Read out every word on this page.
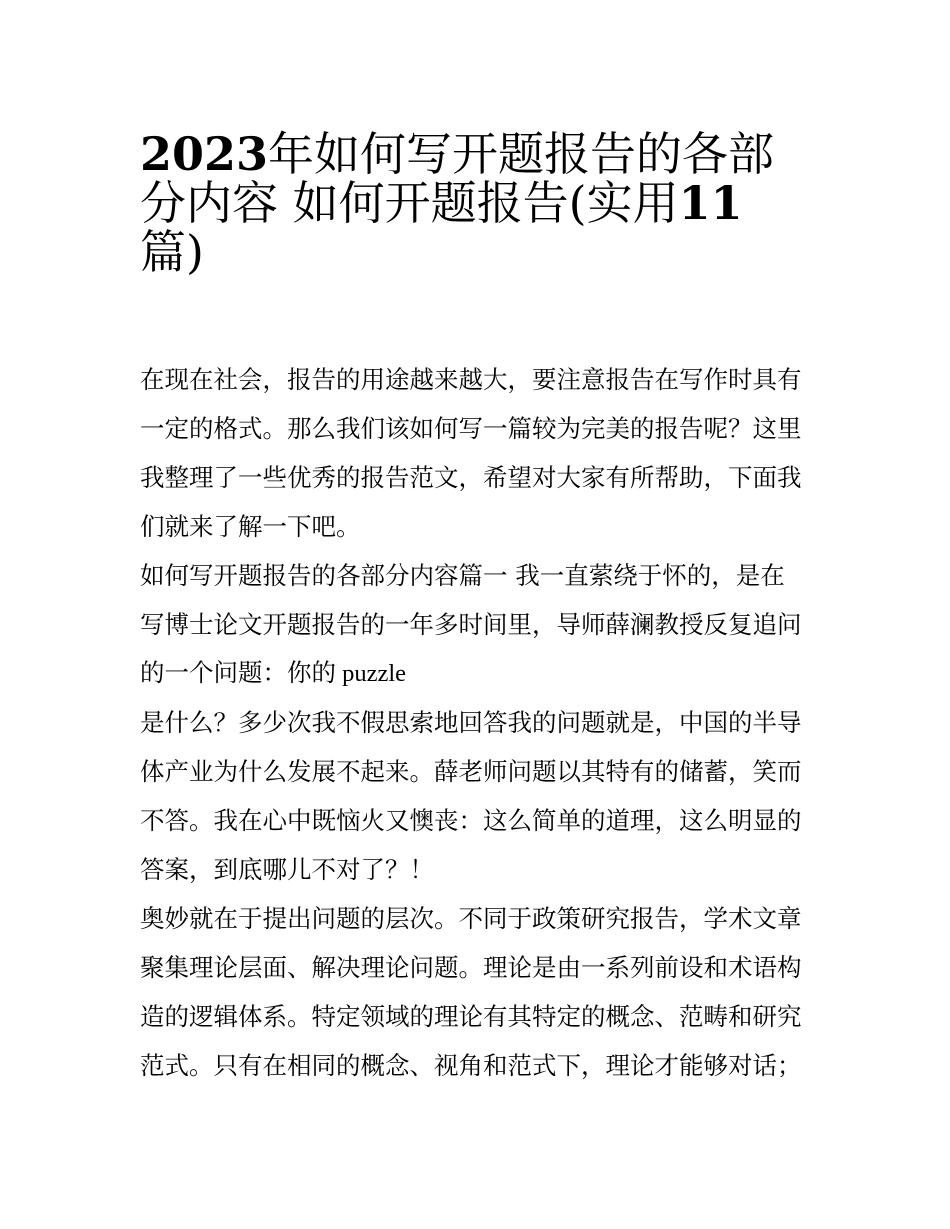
2023年如何写开题报告的各部
分内容 如何开题报告(实用11
篇)
在现在社会，报告的用途越来越大，要注意报告在写作时具有
一定的格式。那么我们该如何写一篇较为完美的报告呢？这里
我整理了一些优秀的报告范文，希望对大家有所帮助，下面我
们就来了解一下吧。
如何写开题报告的各部分内容篇一 我一直萦绕于怀的，是在
写博士论文开题报告的一年多时间里，导师薛澜教授反复追问
的一个问题：你的 puzzle
是什么？多少次我不假思索地回答我的问题就是，中国的半导
体产业为什么发展不起来。薛老师问题以其特有的储蓄，笑而
不答。我在心中既恼火又懊丧：这么简单的道理，这么明显的
答案，到底哪儿不对了？！
奥妙就在于提出问题的层次。不同于政策研究报告，学术文章
聚集理论层面、解决理论问题。理论是由一系列前设和术语构
造的逻辑体系。特定领域的理论有其特定的概念、范畴和研究
范式。只有在相同的概念、视角和范式下，理论才能够对话；
